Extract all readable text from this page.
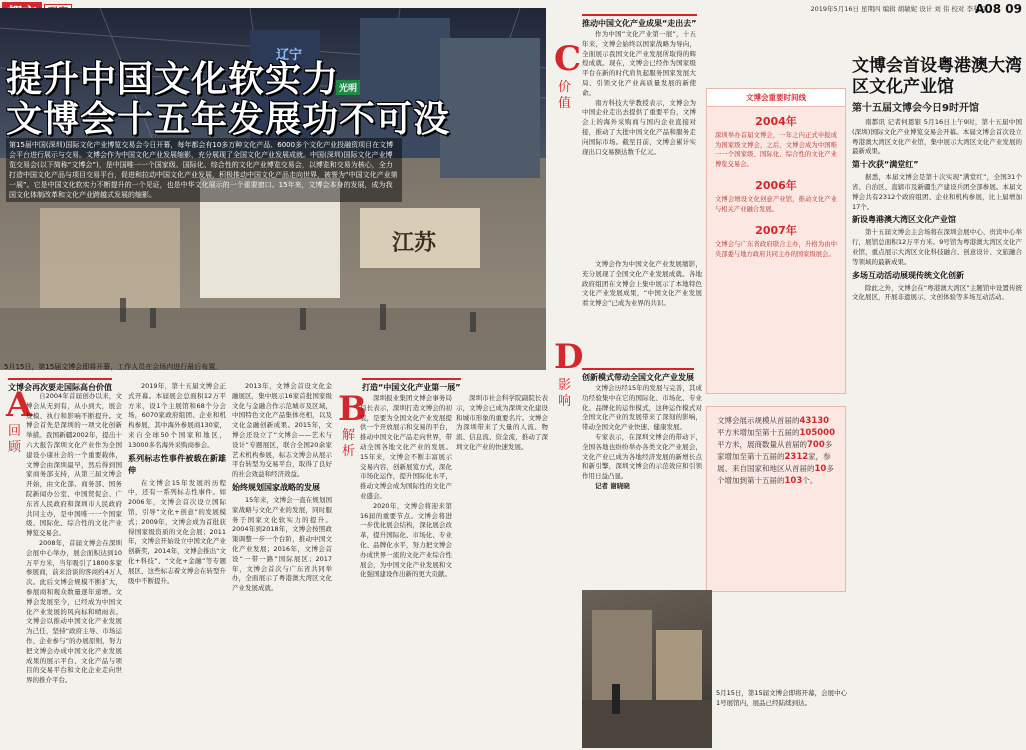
2019年5月16日 星期四 编辑 胡敏妮 设计 刘 伟 校对 李利月
A08 09
辽宁
光明
江苏
提升中国文化软实力
文博会十五年发展功不可没
第15届中国(深圳)国际文化产业博览交易会今日开幕，每年都会有10多万种文化产品、6000多个文化产业投融资项目在文博会平台进行展示与交易。文博会作为中国文化产业发展缩影，充分展现了全国文化产业发展成就。中国(深圳)国际文化产业博览交易会(以下简称“文博会”)，是中国唯一一个国家级、国际化、综合性的文化产业博览交易会，以博览和交易为核心，全力打造中国文化产品与项目交易平台，促进和拉动中国文化产业发展，积极推动中国文化产品走向世界，被誉为“中国文化产业第一展”。它是中国文化软实力不断提升的一个见证，也是中华文化展示的一个重要窗口。15年来，文博会本身的发展，成为我国文化体制改革和文化产业跨越式发展的缩影。
5月15日，第15届文博会即将开幕，工作人员在会场内进行最后布置。
A
回顾
文博会再次要走国际高台价值

自2004年首届创办以来，文博会从无到有，从小到大，展会规模、执行和影响不断提升。文博会首先是深圳的一项文化创新举措。我国新疆2002年，提出十六大报告深圳文化产业作为全国建设小康社会的一个重要载体，文博会由深圳最早，然后得到国家商务部支持，从第三届文博会开始，由文化部、商务部、国务院新闻办公室、中国贸促会、广东省人民政府和深圳市人民政府共同主办，是中国唯一一个国家级、国际化、综合性的文化产业博览交易会。

2008年，首届文博会在深圳会展中心举办，展会面积达到10万平方米，当年吸引了1800多家参展商，前来洽谈的客商约4万人次。此后文博会规模不断扩大，参展商和观众数量逐年递增。文博会发展至今，已经成为中国文化产业发展的风向标和晴雨表。文博会以推动中国文化产业发展为己任，坚持“政府主导、市场运作、企业参与”的办展原则，努力把文博会办成中国文化产业发展成果的展示平台、文化产品与项目的交易平台和文化企业走向世界的推介平台。

2019年，第十五届文博会正式开幕。本届展会总面积12万平方米，设1个主展馆和68个分会场，6070家政府组团、企业和机构参展，其中海外参展商130家，来自全球50个国家和地区，13000多名海外采购商参会。

系列标志性事件被载在新雄伸

在文博会15年发展的历程中，还有一系列标志性事件。如2006年，文博会首次设立国际馆，引导“文化+创意”的发展模式；2009年，文博会成为首批获得国家级资质的文化会展；2011年，文博会开始设立中国文化产业创新奖，2014年，文博会推出“文化+科技”、“文化+金融”等专题展区，这些标志着文博会在转型升级中不断提升。

2013年，文博会首设文化金融展区，集中展示16家首批国家级文化与金融合作示范城市及区域，中国特色文化产品集体亮相，以及文化金融创新成果。2015年，文博会还设立了“文博会——艺术与设计”专题展区，联合全国20余家艺术机构参展，标志文博会从展示平台转型为交易平台，取得了良好的社会效益和经济效益。

始终规划国家战略的发展

15年来，文博会一直在规划国家战略与文化产业的发展，同时服务于国家文化软实力的提升。2004年到2018年，文博会按照政策调整一步一个台阶，推动中国文化产业发展；2016年，文博会首设“一带一路”国际展区；2017年，文博会首次与广东省共同举办，全面展示了粤港澳大湾区文化产业发展成就。

打造“中国文化产业第一展”
B
解析

深圳报业集团文博会事务局局长表示，深圳打造文博会的初衷，是要为全国文化产业发展提供一个开放展示和交易的平台，推动中国文化产品走向世界，带动全国各地文化产业的发展。15年来，文博会不断丰富展示交易内容，创新展览方式，深化市场化运作，提升国际化水平，推动文博会成为国际性的文化产业盛会。

2020年，文博会将迎来第16届的重要节点。文博会将进一步优化展会结构，深化展会改革，提升国际化、市场化、专业化、品牌化水平，努力把文博会办成世界一流的文化产业综合性展会，为中国文化产业发展和文化强国建设作出新的更大贡献。

深圳市社会科学院副院长表示，文博会已成为深圳文化建设和城市形象的重要名片。文博会为深圳带来了大量的人流、物流、信息流、资金流，推动了深圳文化产业的快速发展。

推动中国文化产业成果“走出去”
C
价值

作为中国“文化产业第一展”，十五年来，文博会始终以国家战略为导向，全面展示我国文化产业发展所取得的辉煌成就。现在，文博会已经作为国家级平台在新的时代肩负起服务国家发展大局、引领文化产业高质量发展的新使命。

南方科技大学教授表示，文博会为中国企业走出去提供了重要平台，文博会上的海外采购商与国内企业直接对接，推动了大批中国文化产品和服务走向国际市场。截至目前，文博会累计实现出口交易额达数千亿元。

文博会作为中国文化产业发展缩影，充分展现了全国文化产业发展成就。各地政府组团在文博会上集中展示了本地特色文化产业发展成果，“中国文化产业发展看文博会”已成为业界的共识。

创新模式带动全国文化产业发展
D
影响

文博会历经15年的发展与完善，其成功经验集中在它的国际化、市场化、专业化、品牌化的运作模式，这种运作模式对全国文化产业的发展带来了深刻的影响，带动全国文化产业快速、健康发展。

专家表示，在深圳文博会的带动下，全国各地也纷纷举办各类文化产业展会，文化产业已成为各地经济发展的新增长点和新引擎，深圳文博会的示范效应和引领作用日益凸显。

记者 谢晓晓

文博会重要时间线
2004年
深圳举办首届文博会，一年之内正式申报成为国家级文博会，之后，文博会成为中国唯一一个国家级、国际化、综合性的文化产业博览交易会。
2006年
文博会增设文化创意产业馆，推动文化产业与相关产业融合发展。
2007年
文博会与广东省政府联合主办，升格为由中央部委与地方政府共同主办的国家级展会。
文博会展示规模从首届的43130平方米增加至第十五届的105000平方米，展商数量从首届的700多家增加至第十五届的2312家，参展、来自国家和地区从首届的10多个增加到第十五届的103个。
5月15日，第15届文博会即将开幕，会展中心1号展馆内，展品已经陆续到达。
文博会首设粤港澳大湾区文化产业馆
第十五届文博会今日9时开馆

南都讯 记者何恩银 5月16日上午9时，第十五届中国(深圳)国际文化产业博览交易会开幕。本届文博会首次设立粤港澳大湾区文化产业馆，集中展示大湾区文化产业发展的最新成果。

第十次获“满堂红”

据悉，本届文博会是第十次实现“满堂红”，全国31个省、自治区、直辖市及新疆生产建设兵团全部参展。本届文博会共有2312个政府组团、企业和机构参展，比上届增加17个。

新设粤港澳大湾区文化产业馆

第十五届文博会主会场将在深圳会展中心、贵宾中心举行，展馆总面积12万平方米。9号馆为粤港澳大湾区文化产业馆，重点展示大湾区文化科技融合、创意设计、文旅融合等领域的最新成果。

多场互动活动展现传统文化创新

除此之外，文博会在“粤港澳大湾区”主题馆中设置传统文化展区，开展非遗展示、文创体验等多场互动活动。
